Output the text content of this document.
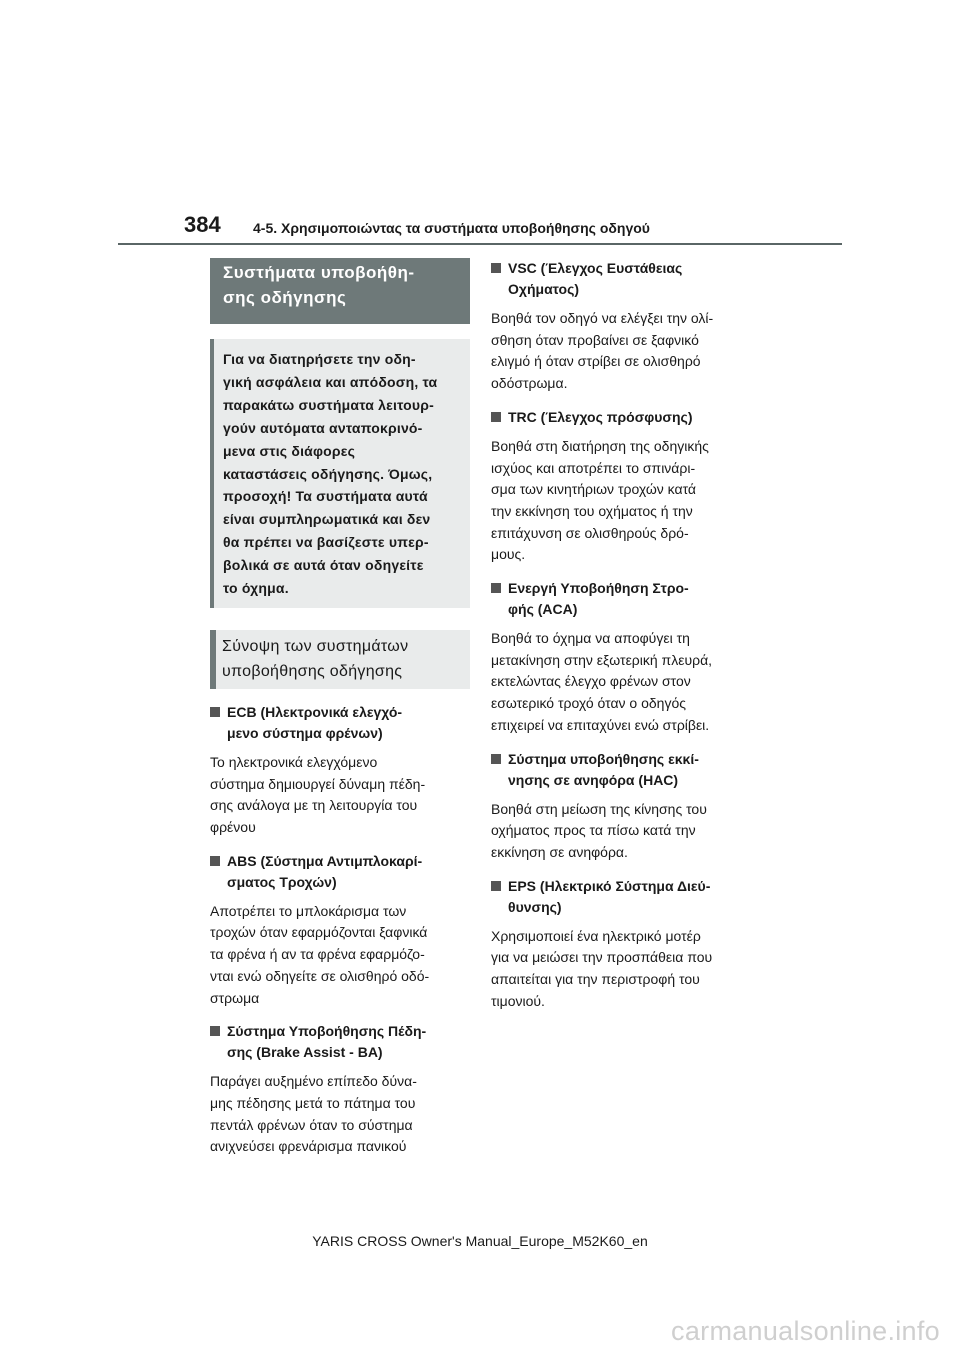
384 4-5. Χρησιμοποιώντας τα συστήματα υποβοήθησης οδηγού
Συστήματα υποβοήθη-
σης οδήγησης
Για να διατηρήσετε την οδη-
γική ασφάλεια και απόδοση, τα
παρακάτω συστήματα λειτουρ-
γούν αυτόματα ανταποκρινό-
μενα στις διάφορες
καταστάσεις οδήγησης. Όμως,
προσοχή! Τα συστήματα αυτά
είναι συμπληρωματικά και δεν
θα πρέπει να βασίζεστε υπερ-
βολικά σε αυτά όταν οδηγείτε
το όχημα.
Σύνοψη των συστημάτων
υποβοήθησης οδήγησης
ECB (Ηλεκτρονικά ελεγχό-
μενο σύστημα φρένων)
Το ηλεκτρονικά ελεγχόμενο
σύστημα δημιουργεί δύναμη πέδη-
σης ανάλογα με τη λειτουργία του
φρένου
ABS (Σύστημα Αντιμπλοκαρί-
σματος Τροχών)
Αποτρέπει το μπλοκάρισμα των
τροχών όταν εφαρμόζονται ξαφνικά
τα φρένα ή αν τα φρένα εφαρμόζο-
νται ενώ οδηγείτε σε ολισθηρό οδό-
στρωμα
Σύστημα Υποβοήθησης Πέδη-
σης (Brake Assist - BA)
Παράγει αυξημένο επίπεδο δύνα-
μης πέδησης μετά το πάτημα του
πεντάλ φρένων όταν το σύστημα
ανιχνεύσει φρενάρισμα πανικού
VSC (Έλεγχος Ευστάθειας
Οχήματος)
Βοηθά τον οδηγό να ελέγξει την ολί-
σθηση όταν προβαίνει σε ξαφνικό
ελιγμό ή όταν στρίβει σε ολισθηρό
οδόστρωμα.
TRC (Έλεγχος πρόσφυσης)
Βοηθά στη διατήρηση της οδηγικής
ισχύος και αποτρέπει το σπινάρι-
σμα των κινητήριων τροχών κατά
την εκκίνηση του οχήματος ή την
επιτάχυνση σε ολισθηρούς δρό-
μους.
Ενεργή Υποβοήθηση Στρο-
φής (ACA)
Βοηθά το όχημα να αποφύγει τη
μετακίνηση στην εξωτερική πλευρά,
εκτελώντας έλεγχο φρένων στον
εσωτερικό τροχό όταν ο οδηγός
επιχειρεί να επιταχύνει ενώ στρίβει.
Σύστημα υποβοήθησης εκκί-
νησης σε ανηφόρα (HAC)
Βοηθά στη μείωση της κίνησης του
οχήματος προς τα πίσω κατά την
εκκίνηση σε ανηφόρα.
EPS (Ηλεκτρικό Σύστημα Διεύ-
θυνσης)
Χρησιμοποιεί ένα ηλεκτρικό μοτέρ
για να μειώσει την προσπάθεια που
απαιτείται για την περιστροφή του
τιμονιού.
YARIS CROSS Owner's Manual_Europe_M52K60_en
carmanualsonline.info
